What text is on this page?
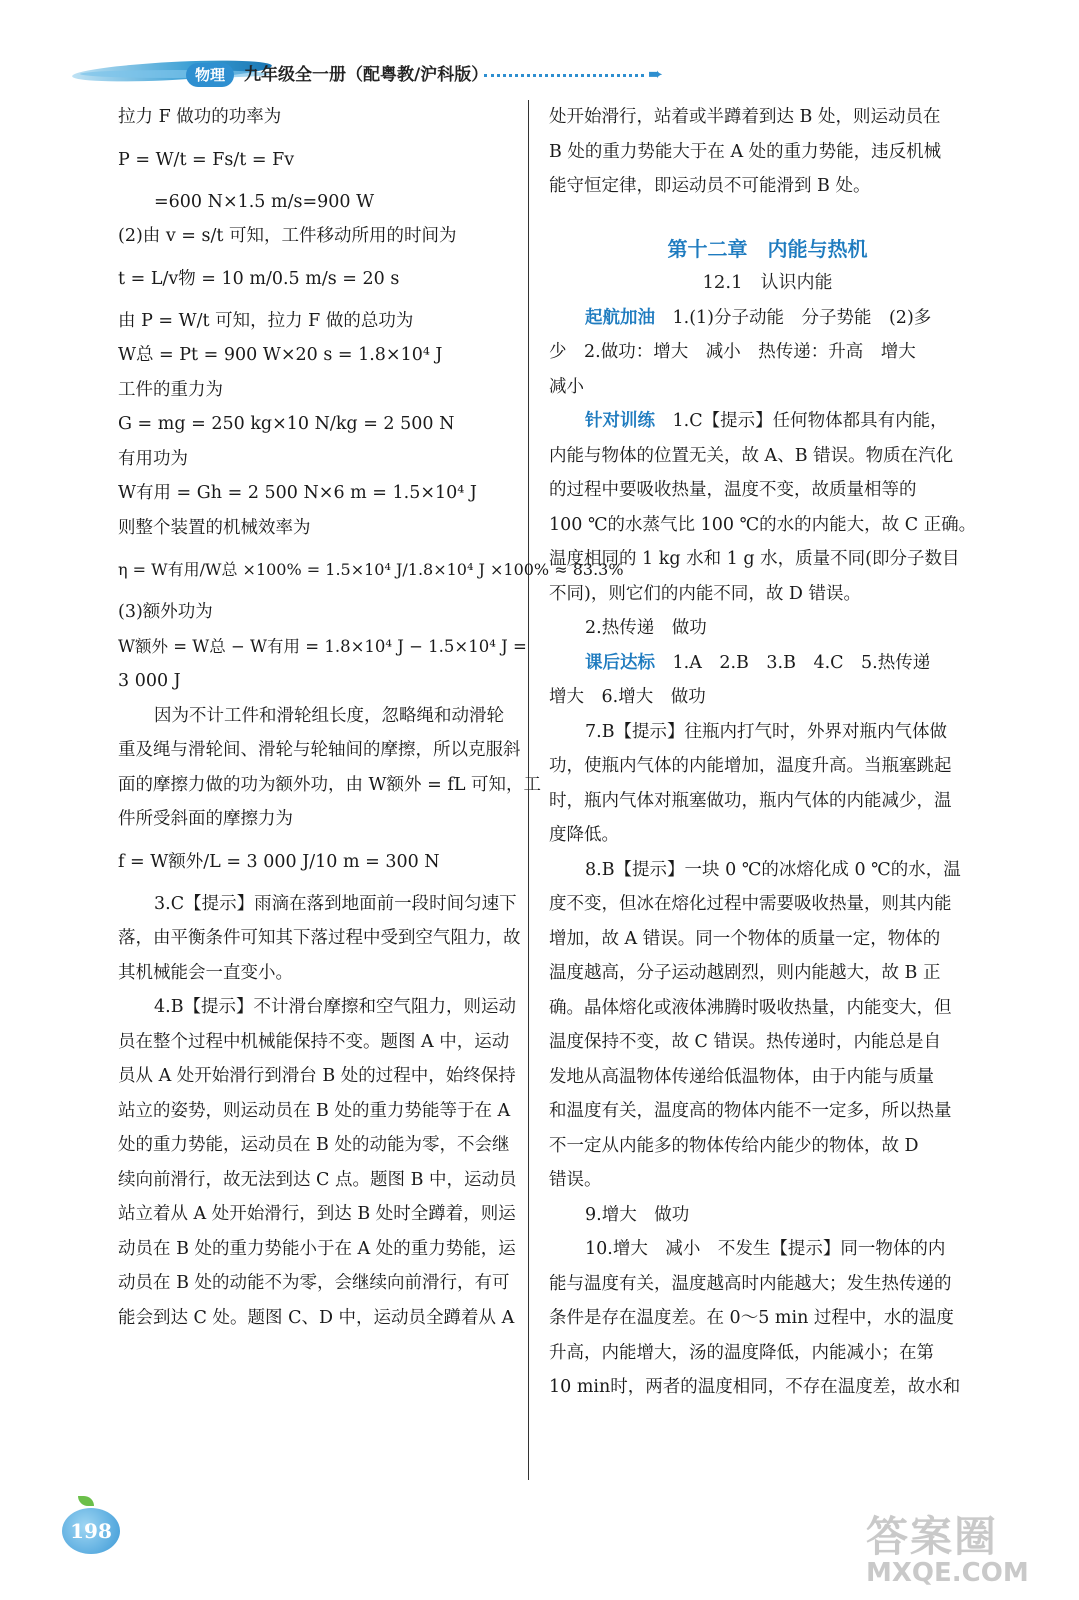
物理	九年级全一册（配粤教/沪科版）	➨
拉力 F 做功的功率为
P = W/t = Fs/t = Fv
=600 N×1.5 m/s=900 W
(2)由 v = s/t 可知，工件移动所用的时间为
t = L/v物 = 10 m/0.5 m/s = 20 s
由 P = W/t 可知，拉力 F 做的总功为
W总 = Pt = 900 W×20 s = 1.8×10⁴ J
工件的重力为
G = mg = 250 kg×10 N/kg = 2 500 N
有用功为
W有用 = Gh = 2 500 N×6 m = 1.5×10⁴ J
则整个装置的机械效率为
η = W有用/W总 ×100% = 1.5×10⁴ J/1.8×10⁴ J ×100% ≈ 83.3%
(3)额外功为
W额外 = W总 − W有用 = 1.8×10⁴ J − 1.5×10⁴ J =
3 000 J
因为不计工件和滑轮组长度，忽略绳和动滑轮
重及绳与滑轮间、滑轮与轮轴间的摩擦，所以克服斜
面的摩擦力做的功为额外功，由 W额外 = fL 可知，工
件所受斜面的摩擦力为
f = W额外/L = 3 000 J/10 m = 300 N
3.C【提示】雨滴在落到地面前一段时间匀速下
落，由平衡条件可知其下落过程中受到空气阻力，故
其机械能会一直变小。
4.B【提示】不计滑台摩擦和空气阻力，则运动
员在整个过程中机械能保持不变。题图 A 中，运动
员从 A 处开始滑行到滑台 B 处的过程中，始终保持
站立的姿势，则运动员在 B 处的重力势能等于在 A
处的重力势能，运动员在 B 处的动能为零，不会继
续向前滑行，故无法到达 C 点。题图 B 中，运动员
站立着从 A 处开始滑行，到达 B 处时全蹲着，则运
动员在 B 处的重力势能小于在 A 处的重力势能，运
动员在 B 处的动能不为零，会继续向前滑行，有可
能会到达 C 处。题图 C、D 中，运动员全蹲着从 A
处开始滑行，站着或半蹲着到达 B 处，则运动员在
B 处的重力势能大于在 A 处的重力势能，违反机械
能守恒定律，即运动员不可能滑到 B 处。
第十二章　内能与热机
12.1　认识内能
起航加油　1.(1)分子动能　分子势能　(2)多
少　2.做功：增大　减小　热传递：升高　增大
减小
针对训练　1.C【提示】任何物体都具有内能，
内能与物体的位置无关，故 A、B 错误。物质在汽化
的过程中要吸收热量，温度不变，故质量相等的
100 ℃的水蒸气比 100 ℃的水的内能大，故 C 正确。
温度相同的 1 kg 水和 1 g 水，质量不同(即分子数目
不同)，则它们的内能不同，故 D 错误。
2.热传递　做功
课后达标　1.A　2.B　3.B　4.C　5.热传递
增大　6.增大　做功
7.B【提示】往瓶内打气时，外界对瓶内气体做
功，使瓶内气体的内能增加，温度升高。当瓶塞跳起
时，瓶内气体对瓶塞做功，瓶内气体的内能减少，温
度降低。
8.B【提示】一块 0 ℃的冰熔化成 0 ℃的水，温
度不变，但冰在熔化过程中需要吸收热量，则其内能
增加，故 A 错误。同一个物体的质量一定，物体的
温度越高，分子运动越剧烈，则内能越大，故 B 正
确。晶体熔化或液体沸腾时吸收热量，内能变大，但
温度保持不变，故 C 错误。热传递时，内能总是自
发地从高温物体传递给低温物体，由于内能与质量
和温度有关，温度高的物体内能不一定多，所以热量
不一定从内能多的物体传给内能少的物体，故 D
错误。
9.增大　做功
10.增大　减小　不发生【提示】同一物体的内
能与温度有关，温度越高时内能越大；发生热传递的
条件是存在温度差。在 0～5 min 过程中，水的温度
升高，内能增大，汤的温度降低，内能减小；在第
10 min时，两者的温度相同，不存在温度差，故水和
198	答案圈
MXQE.COM
